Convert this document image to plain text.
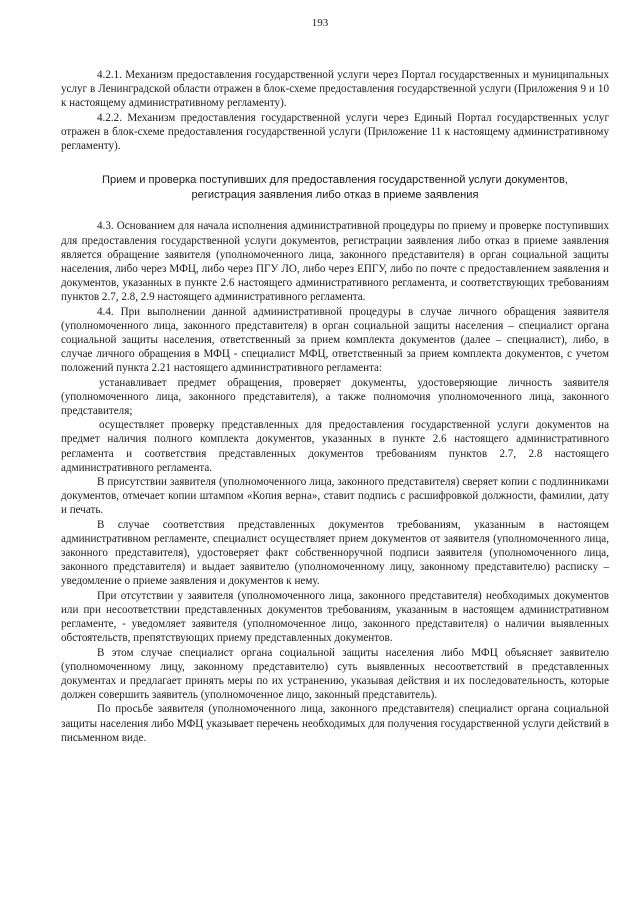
193

4.2.1. Механизм предоставления государственной услуги через Портал государственных и муниципальных услуг в Ленинградской области отражен в блок-схеме предоставления государственной услуги (Приложения 9 и 10 к настоящему административному регламенту).

4.2.2. Механизм предоставления государственной услуги через Единый Портал государственных услуг отражен в блок-схеме предоставления государственной услуги (Приложение 11 к настоящему административному регламенту).

Прием и проверка поступивших для предоставления государственной услуги документов, регистрация заявления либо отказ в приеме заявления

4.3. Основанием для начала исполнения административной процедуры по приему и проверке поступивших для предоставления государственной услуги документов, регистрации заявления либо отказ в приеме заявления является обращение заявителя (уполномоченного лица, законного представителя) в орган социальной защиты населения, либо через МФЦ, либо через ПГУ ЛО, либо через ЕПГУ, либо по почте с предоставлением заявления и документов, указанных в пункте 2.6 настоящего административного регламента, и соответствующих требованиям пунктов 2.7, 2.8, 2.9 настоящего административного регламента.

4.4. При выполнении данной административной процедуры в случае личного обращения заявителя (уполномоченного лица, законного представителя) в орган социальной защиты населения – специалист органа социальной защиты населения, ответственный за прием комплекта документов (далее – специалист), либо, в случае личного обращения в МФЦ - специалист МФЦ, ответственный за прием комплекта документов, с учетом положений пункта 2.21 настоящего административного регламента:

устанавливает предмет обращения, проверяет документы, удостоверяющие личность заявителя (уполномоченного лица, законного представителя), а также полномочия уполномоченного лица, законного представителя;

осуществляет проверку представленных для предоставления государственной услуги документов на предмет наличия полного комплекта документов, указанных в пункте 2.6 настоящего административного регламента и соответствия представленных документов требованиям пунктов 2.7, 2.8 настоящего административного регламента.

В присутствии заявителя (уполномоченного лица, законного представителя) сверяет копии с подлинниками документов, отмечает копии штампом «Копия верна», ставит подпись с расшифровкой должности, фамилии, дату и печать.

В случае соответствия представленных документов требованиям, указанным в настоящем административном регламенте, специалист осуществляет прием документов от заявителя (уполномоченного лица, законного представителя), удостоверяет факт собственноручной подписи заявителя (уполномоченного лица, законного представителя) и выдает заявителю (уполномоченному лицу, законному представителю) расписку – уведомление о приеме заявления и документов к нему.

При отсутствии у заявителя (уполномоченного лица, законного представителя) необходимых документов или при несоответствии представленных документов требованиям, указанным в настоящем административном регламенте, - уведомляет заявителя (уполномоченное лицо, законного представителя) о наличии выявленных обстоятельств, препятствующих приему представленных документов.

В этом случае специалист органа социальной защиты населения либо МФЦ объясняет заявителю (уполномоченному лицу, законному представителю) суть выявленных несоответствий в представленных документах и предлагает принять меры по их устранению, указывая действия и их последовательность, которые должен совершить заявитель (уполномоченное лицо, законный представитель).

По просьбе заявителя (уполномоченного лица, законного представителя) специалист органа социальной защиты населения либо МФЦ указывает перечень необходимых для получения государственной услуги действий в письменном виде.
